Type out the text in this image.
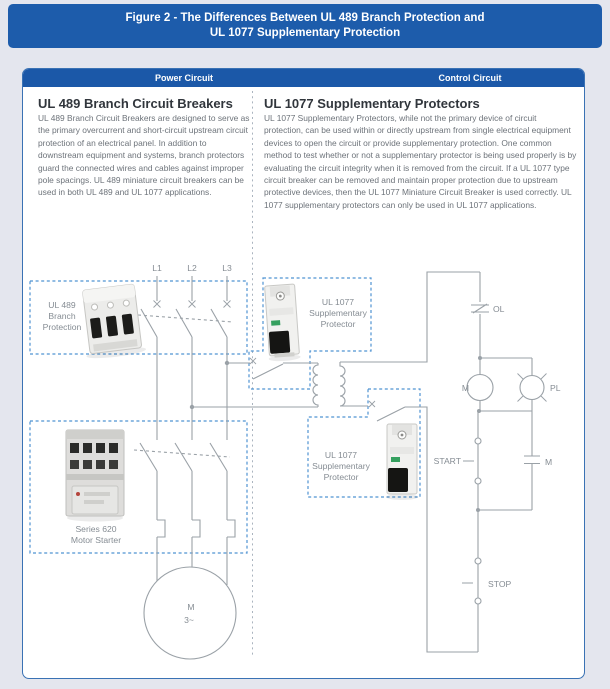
Figure 2 - The Differences Between UL 489 Branch Protection and
UL 1077 Supplementary Protection
Power Circuit	Control Circuit
UL 489 Branch Circuit Breakers
UL 489 Branch Circuit Breakers are designed to serve as the primary overcurrent and short-circuit upstream circuit protection of an electrical panel. In addition to downstream equipment and systems, branch protectors guard the connected wires and cables against improper pole spacings. UL 489 miniature circuit breakers can be used in both UL 489 and UL 1077 applications.
UL 1077 Supplementary Protectors
UL 1077 Supplementary Protectors, while not the primary device of circuit protection, can be used within or directly upstream from single electrical equipment devices to open the circuit or provide supplementary protection. One common method to test whether or not a supplementary protector is being used properly is by evaluating the circuit integrity when it is removed from the circuit. If a UL 1077 type circuit breaker can be removed and maintain proper protection due to upstream protective devices, then the UL 1077 Miniature Circuit Breaker is used correctly. UL 1077 supplementary protectors can only be used in UL 1077 applications.
L1	L2	L3
UL 489
Branch
Protection
Series 620
Motor Starter
UL 1077
Supplementary
Protector
UL 1077
Supplementary
Protector
M
3~
OL
M	PL
START	M
STOP
